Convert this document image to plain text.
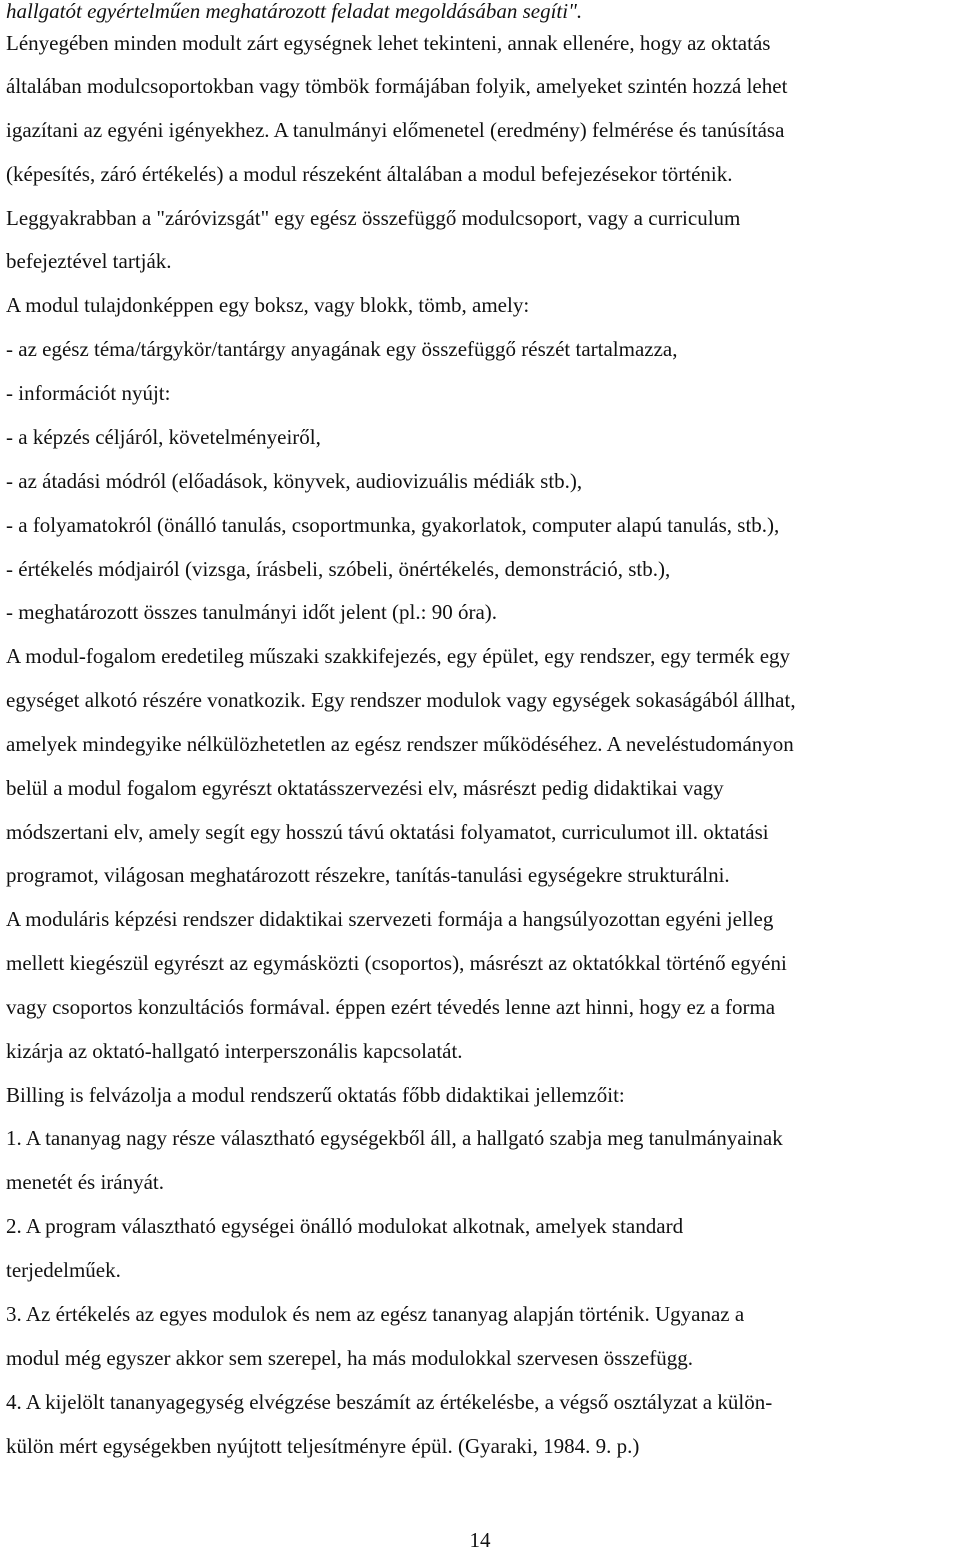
hallgatót egyértelműen meghatározott feladat megoldásában segíti".
Lényegében minden modult zárt egységnek lehet tekinteni, annak ellenére, hogy az oktatás
általában modulcsoportokban vagy tömbök formájában folyik, amelyeket szintén hozzá lehet
igazítani az egyéni igényekhez. A tanulmányi előmenetel (eredmény) felmérése és tanúsítása
(képesítés, záró értékelés) a modul részeként általában a modul befejezésekor történik.
Leggyakrabban a "záróvizsgát" egy egész összefüggő modulcsoport, vagy a curriculum
befejeztével tartják.
A modul tulajdonképpen egy boksz, vagy blokk, tömb, amely:
- az egész téma/tárgykör/tantárgy anyagának egy összefüggő részét tartalmazza,
- információt nyújt:
- a képzés céljáról, követelményeiről,
- az átadási módról (előadások, könyvek, audiovizuális médiák stb.),
- a folyamatokról (önálló tanulás, csoportmunka, gyakorlatok, computer alapú tanulás, stb.),
- értékelés módjairól (vizsga, írásbeli, szóbeli, önértékelés, demonstráció, stb.),
- meghatározott összes tanulmányi időt jelent (pl.: 90 óra).
A modul-fogalom eredetileg műszaki szakkifejezés, egy épület, egy rendszer, egy termék egy
egységet alkotó részére vonatkozik. Egy rendszer modulok vagy egységek sokaságából állhat,
amelyek mindegyike nélkülözhetetlen az egész rendszer működéséhez. A neveléstudományon
belül a modul fogalom egyrészt oktatásszervezési elv, másrészt pedig didaktikai vagy
módszertani elv, amely segít egy hosszú távú oktatási folyamatot, curriculumot ill. oktatási
programot, világosan meghatározott részekre, tanítás-tanulási egységekre strukturálni.
A moduláris képzési rendszer didaktikai szervezeti formája a hangsúlyozottan egyéni jelleg
mellett kiegészül egyrészt az egymásközti (csoportos), másrészt az oktatókkal történő egyéni
vagy csoportos konzultációs formával. éppen ezért tévedés lenne azt hinni, hogy ez a forma
kizárja az oktató-hallgató interperszonális kapcsolatát.
Billing is felvázolja a modul rendszerű oktatás főbb didaktikai jellemzőit:
1. A tananyag nagy része választható egységekből áll, a hallgató szabja meg tanulmányainak
menetét és irányát.
2. A program választható egységei önálló modulokat alkotnak, amelyek standard
terjedelműek.
3. Az értékelés az egyes modulok és nem az egész tananyag alapján történik. Ugyanaz a
modul még egyszer akkor sem szerepel, ha más modulokkal szervesen összefügg.
4. A kijelölt tananyagegység elvégzése beszámít az értékelésbe, a végső osztályzat a külön-
külön mért egységekben nyújtott teljesítményre épül. (Gyaraki, 1984. 9. p.)
14
